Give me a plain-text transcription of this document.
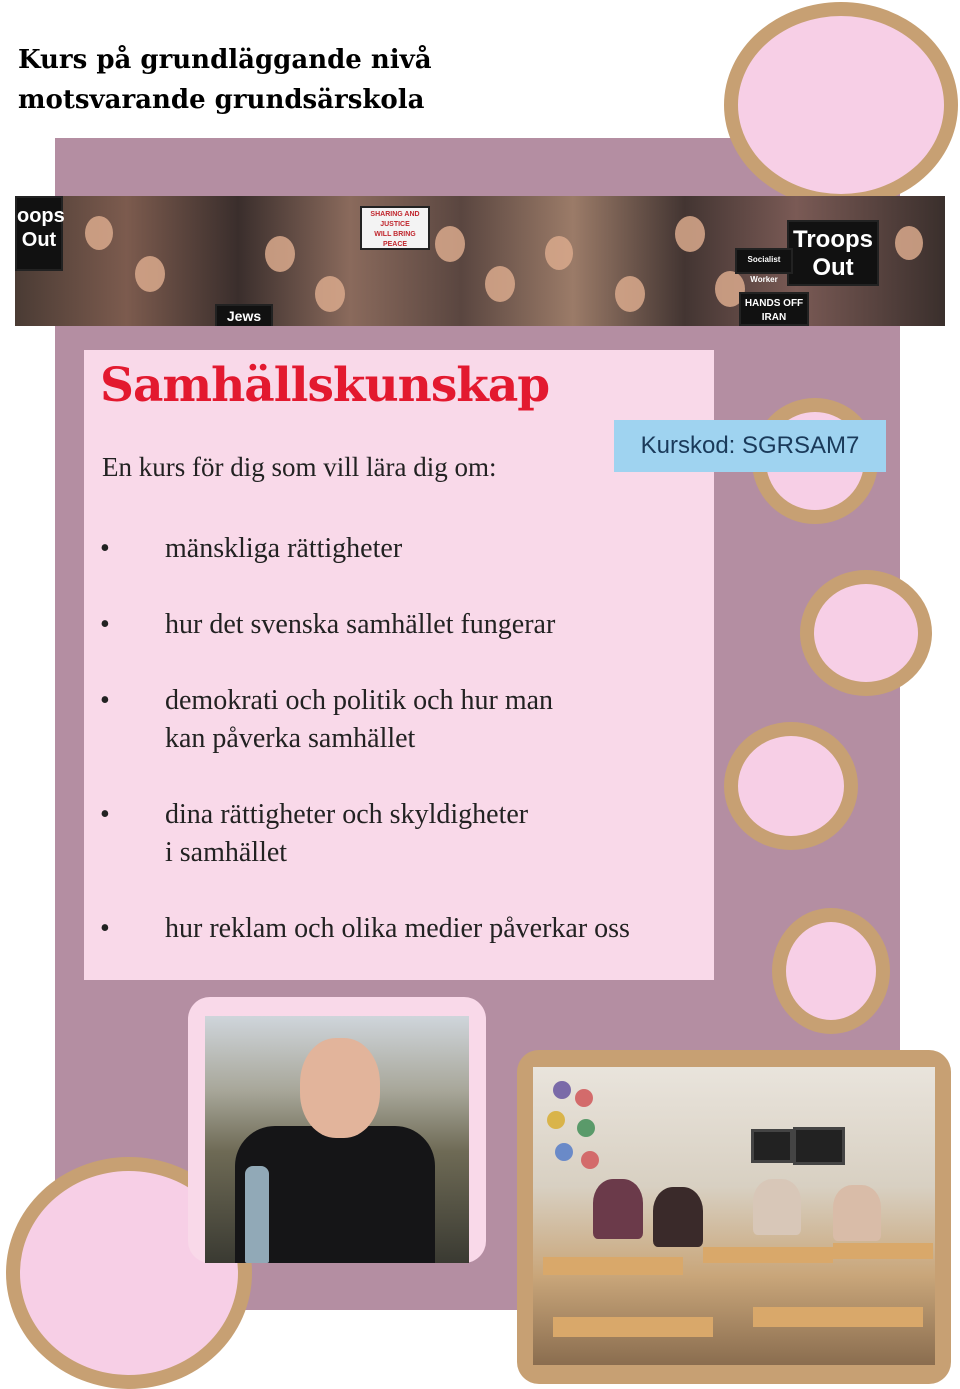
Kurs på grundläggande nivå
motsvarande grundsärskola
oops
Out
Jews
SHARING AND
JUSTICE
WILL BRING
PEACE	Troops
Out
Socialist Worker
HANDS OFF
IRAN
Samhällskunskap
En kurs för dig som vill lära dig om:
Kurskod: SGRSAM7
• mänskliga rättigheter
• hur det svenska samhället fungerar
• demokrati och politik och hur man
kan påverka samhället
• dina rättigheter och skyldigheter
i samhället
• hur reklam och olika medier påverkar oss
